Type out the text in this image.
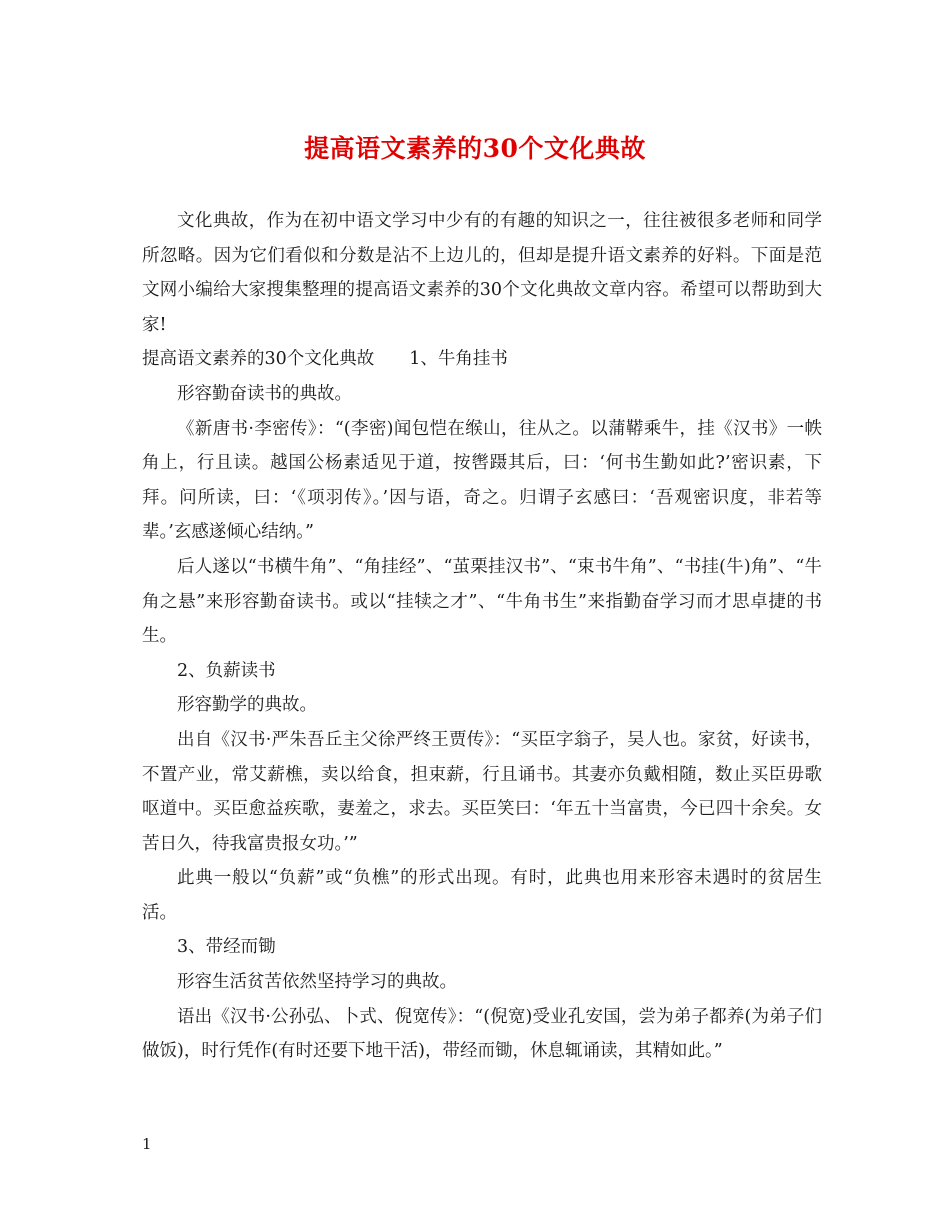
提高语文素养的30个文化典故

文化典故，作为在初中语文学习中少有的有趣的知识之一，往往被很多老师和同学所忽略。因为它们看似和分数是沾不上边儿的，但却是提升语文素养的好料。下面是范文网小编给大家搜集整理的提高语文素养的30个文化典故文章内容。希望可以帮助到大家!

提高语文素养的30个文化典故　　1、牛角挂书

形容勤奋读书的典故。

《新唐书·李密传》：“(李密)闻包恺在缑山，往从之。以蒲鞯乘牛，挂《汉书》一帙角上，行且读。越国公杨素适见于道，按辔蹑其后，曰：‘何书生勤如此?’密识素，下拜。问所读，曰：‘《项羽传》。’因与语，奇之。归谓子玄感曰：‘吾观密识度，非若等辈。’玄感遂倾心结纳。”

后人遂以“书横牛角”、“角挂经”、“茧栗挂汉书”、“束书牛角”、“书挂(牛)角”、“牛角之悬”来形容勤奋读书。或以“挂犊之才”、“牛角书生”来指勤奋学习而才思卓捷的书生。

2、负薪读书

形容勤学的典故。

出自《汉书·严朱吾丘主父徐严终王贾传》：“买臣字翁子，吴人也。家贫，好读书，不置产业，常艾薪樵，卖以给食，担束薪，行且诵书。其妻亦负戴相随，数止买臣毋歌呕道中。买臣愈益疾歌，妻羞之，求去。买臣笑曰：‘年五十当富贵，今已四十余矣。女苦日久，待我富贵报女功。’”

此典一般以“负薪”或“负樵”的形式出现。有时，此典也用来形容未遇时的贫居生活。

3、带经而锄

形容生活贫苦依然坚持学习的典故。

语出《汉书·公孙弘、卜式、倪宽传》：“(倪宽)受业孔安国，尝为弟子都养(为弟子们做饭)，时行凭作(有时还要下地干活)，带经而锄，休息辄诵读，其精如此。”

1
